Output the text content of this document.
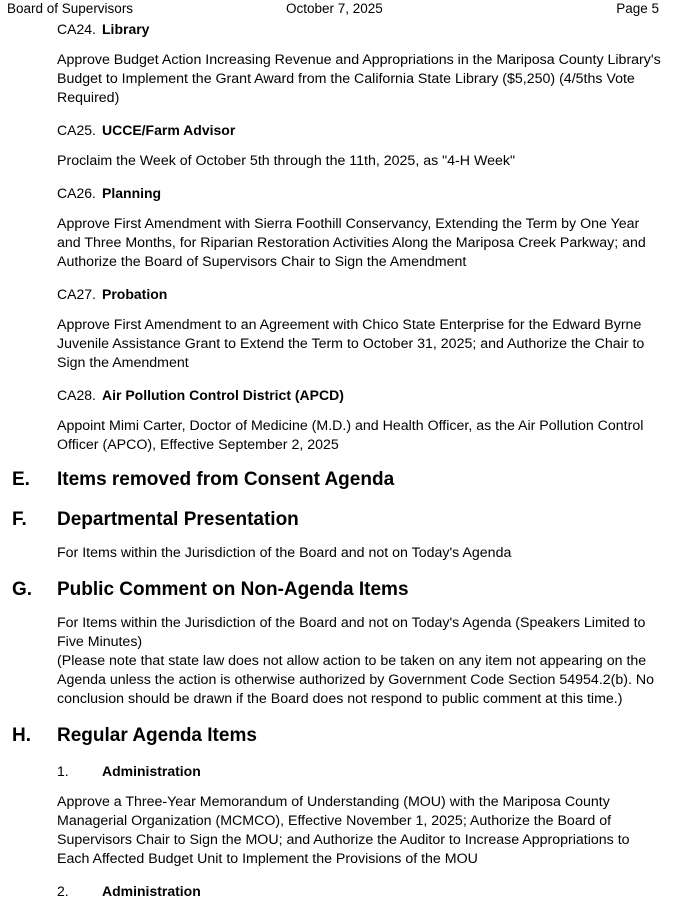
Board of Supervisors	October 7, 2025	Page 5
CA24. Library
Approve Budget Action Increasing Revenue and Appropriations in the Mariposa County Library's Budget to Implement the Grant Award from the California State Library ($5,250) (4/5ths Vote Required)
CA25. UCCE/Farm Advisor
Proclaim the Week of October 5th through the 11th, 2025, as "4-H Week"
CA26. Planning
Approve First Amendment with Sierra Foothill Conservancy, Extending the Term by One Year and Three Months, for Riparian Restoration Activities Along the Mariposa Creek Parkway; and Authorize the Board of Supervisors Chair to Sign the Amendment
CA27. Probation
Approve First Amendment to an Agreement with Chico State Enterprise for the Edward Byrne Juvenile Assistance Grant to Extend the Term to October 31, 2025; and Authorize the Chair to Sign the Amendment
CA28. Air Pollution Control District (APCD)
Appoint Mimi Carter, Doctor of Medicine (M.D.) and Health Officer, as the Air Pollution Control Officer (APCO), Effective September 2, 2025
E. Items removed from Consent Agenda
F. Departmental Presentation
For Items within the Jurisdiction of the Board and not on Today's Agenda
G. Public Comment on Non-Agenda Items
For Items within the Jurisdiction of the Board and not on Today's Agenda (Speakers Limited to Five Minutes)
(Please note that state law does not allow action to be taken on any item not appearing on the Agenda unless the action is otherwise authorized by Government Code Section 54954.2(b). No conclusion should be drawn if the Board does not respond to public comment at this time.)
H. Regular Agenda Items
1. Administration
Approve a Three-Year Memorandum of Understanding (MOU) with the Mariposa County Managerial Organization (MCMCO), Effective November 1, 2025; Authorize the Board of Supervisors Chair to Sign the MOU; and Authorize the Auditor to Increase Appropriations to Each Affected Budget Unit to Implement the Provisions of the MOU
2. Administration
